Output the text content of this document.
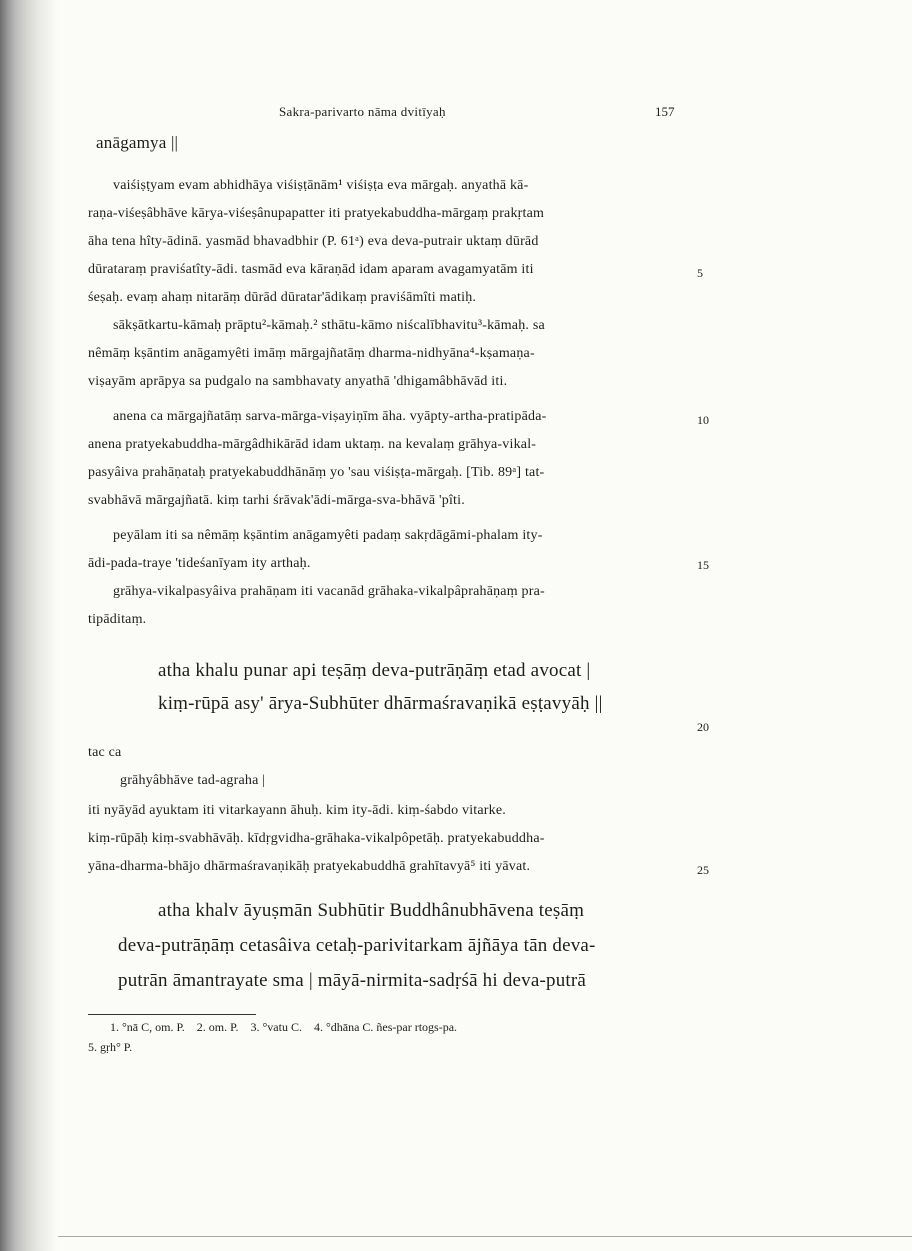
Sakra-parivarto nāma dvitīyaḥ	157
anāgamya ||
vaiśiṣṭyam evam abhidhāya viśiṣṭānām¹ viśiṣṭa eva mārgaḥ. anyathā kā-
raṇa-viśeṣâbhāve kārya-viśeṣânupapatter iti pratyekabuddha-mārgaṃ prakṛtam
āha tena hîty-ādinā. yasmād bhavadbhir (P. 61ᵃ) eva deva-putrair uktaṃ dūrād
dūrataraṃ praviśatîty-ādi. tasmād eva kāraṇād idam aparam avagamyatām iti
śeṣaḥ. evaṃ ahaṃ nitarāṃ dūrād dūratar'ādikaṃ praviśāmîti matiḥ.
sākṣātkartu-kāmaḥ prāptu²-kāmaḥ.² sthātu-kāmo niścalībhavitu³-kāmaḥ. sa
nêmāṃ kṣāntim anāgamyêti imāṃ mārgajñatāṃ dharma-nidhyāna⁴-kṣamaṇa-
viṣayām aprāpya sa pudgalo na sambhavaty anyathā 'dhigamâbhāvād iti.
anena ca mārgajñatāṃ sarva-mārga-viṣayiṇīm āha. vyāpty-artha-pratipāda-
anena pratyekabuddha-mārgâdhikārād idam uktaṃ. na kevalaṃ grāhya-vikal-
pasyâiva prahāṇataḥ pratyekabuddhānāṃ yo 'sau viśiṣṭa-mārgaḥ. [Tib. 89ᵃ] tat-
svabhāvā mārgajñatā. kiṃ tarhi śrāvak'ādi-mārga-sva-bhāvā 'pîti.
peyālam iti sa nêmāṃ kṣāntim anāgamyêti padaṃ sakṛdāgāmi-phalam ity-
ādi-pada-traye 'tideśanīyam ity arthaḥ.
grāhya-vikalpasyâiva prahāṇam iti vacanād grāhaka-vikalpâprahāṇaṃ pra-
tipāditaṃ.
atha khalu punar api teṣāṃ deva-putrāṇāṃ etad avocat |
kiṃ-rūpā asy' ārya-Subhūter dhārmaśravaṇikā eṣṭavyāḥ ||
tac ca
grāhyâbhāve tad-agraha |
iti nyāyād ayuktam iti vitarkayann āhuḥ. kim ity-ādi. kiṃ-śabdo vitarke.
kiṃ-rūpāḥ kiṃ-svabhāvāḥ. kīdṛgvidha-grāhaka-vikalpôpetāḥ. pratyekabuddha-
yāna-dharma-bhājo dhārmaśravaṇikāḥ pratyekabuddhā grahītavyā⁵ iti yāvat.
atha khalv āyuṣmān Subhūtir Buddhânubhāvena teṣāṃ
deva-putrāṇāṃ cetasâiva cetaḥ-parivitarkam ājñāya tān deva-
putrān āmantrayate sma | māyā-nirmita-sadṛśā hi deva-putrā
5
10
15
20
25
1. °nā C, om. P.    2. om. P.    3. °vatu C.    4. °dhāna C. ñes-par rtogs-pa.
5. gṛh° P.
